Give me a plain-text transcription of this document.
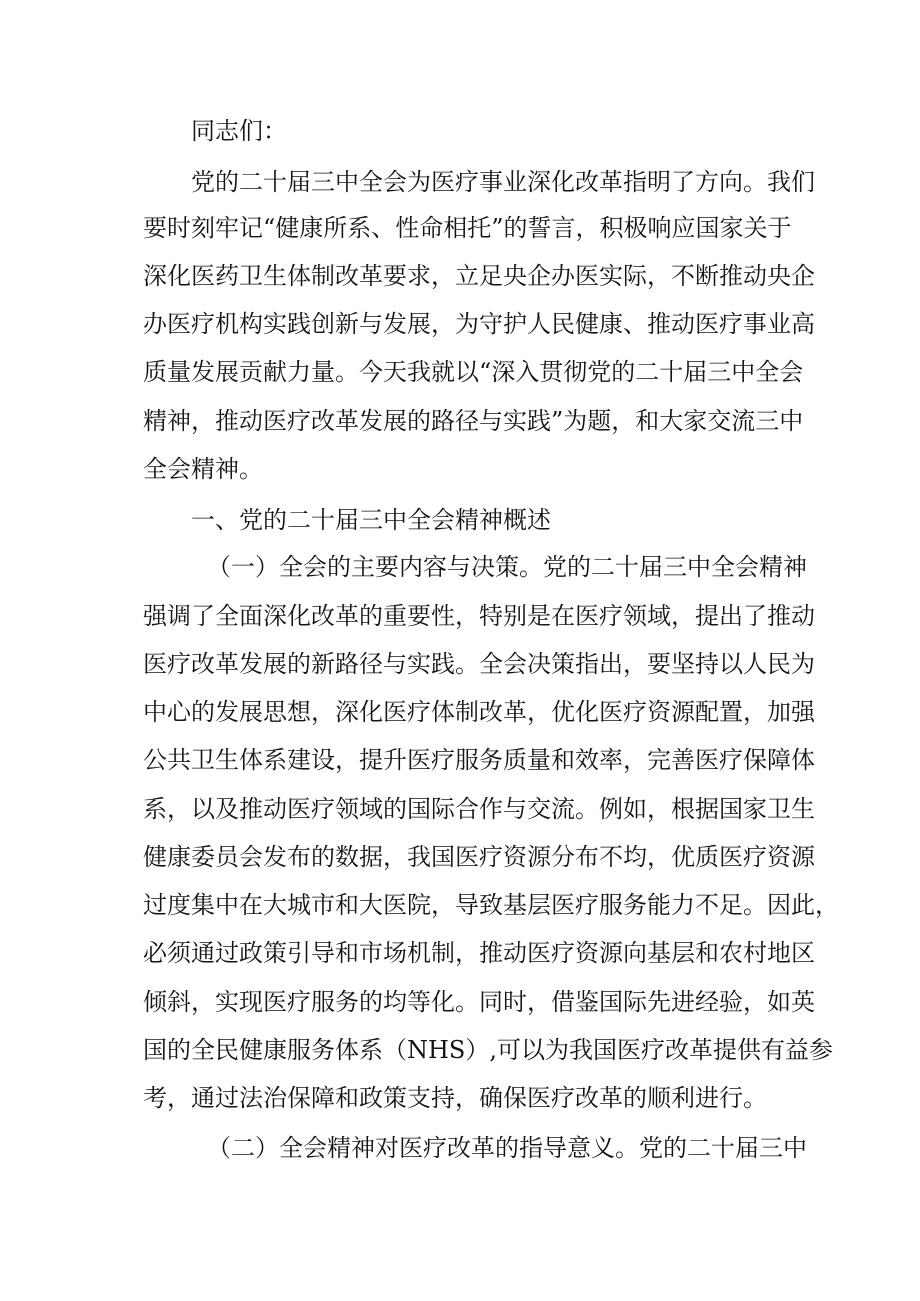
同志们：

党的二十届三中全会为医疗事业深化改革指明了方向。我们

要时刻牢记“健康所系、性命相托”的誓言，积极响应国家关于

深化医药卫生体制改革要求，立足央企办医实际，不断推动央企

办医疗机构实践创新与发展，为守护人民健康、推动医疗事业高

质量发展贡献力量。今天我就以“深入贯彻党的二十届三中全会

精神，推动医疗改革发展的路径与实践”为题，和大家交流三中

全会精神。

一、党的二十届三中全会精神概述

（一）全会的主要内容与决策。党的二十届三中全会精神

强调了全面深化改革的重要性，特别是在医疗领域，提出了推动

医疗改革发展的新路径与实践。全会决策指出，要坚持以人民为

中心的发展思想，深化医疗体制改革，优化医疗资源配置，加强

公共卫生体系建设，提升医疗服务质量和效率，完善医疗保障体

系，以及推动医疗领域的国际合作与交流。例如，根据国家卫生

健康委员会发布的数据，我国医疗资源分布不均，优质医疗资源

过度集中在大城市和大医院，导致基层医疗服务能力不足。因此，

必须通过政策引导和市场机制，推动医疗资源向基层和农村地区

倾斜，实现医疗服务的均等化。同时，借鉴国际先进经验，如英

国的全民健康服务体系（NHS）,可以为我国医疗改革提供有益参

考，通过法治保障和政策支持，确保医疗改革的顺利进行。

（二）全会精神对医疗改革的指导意义。党的二十届三中
